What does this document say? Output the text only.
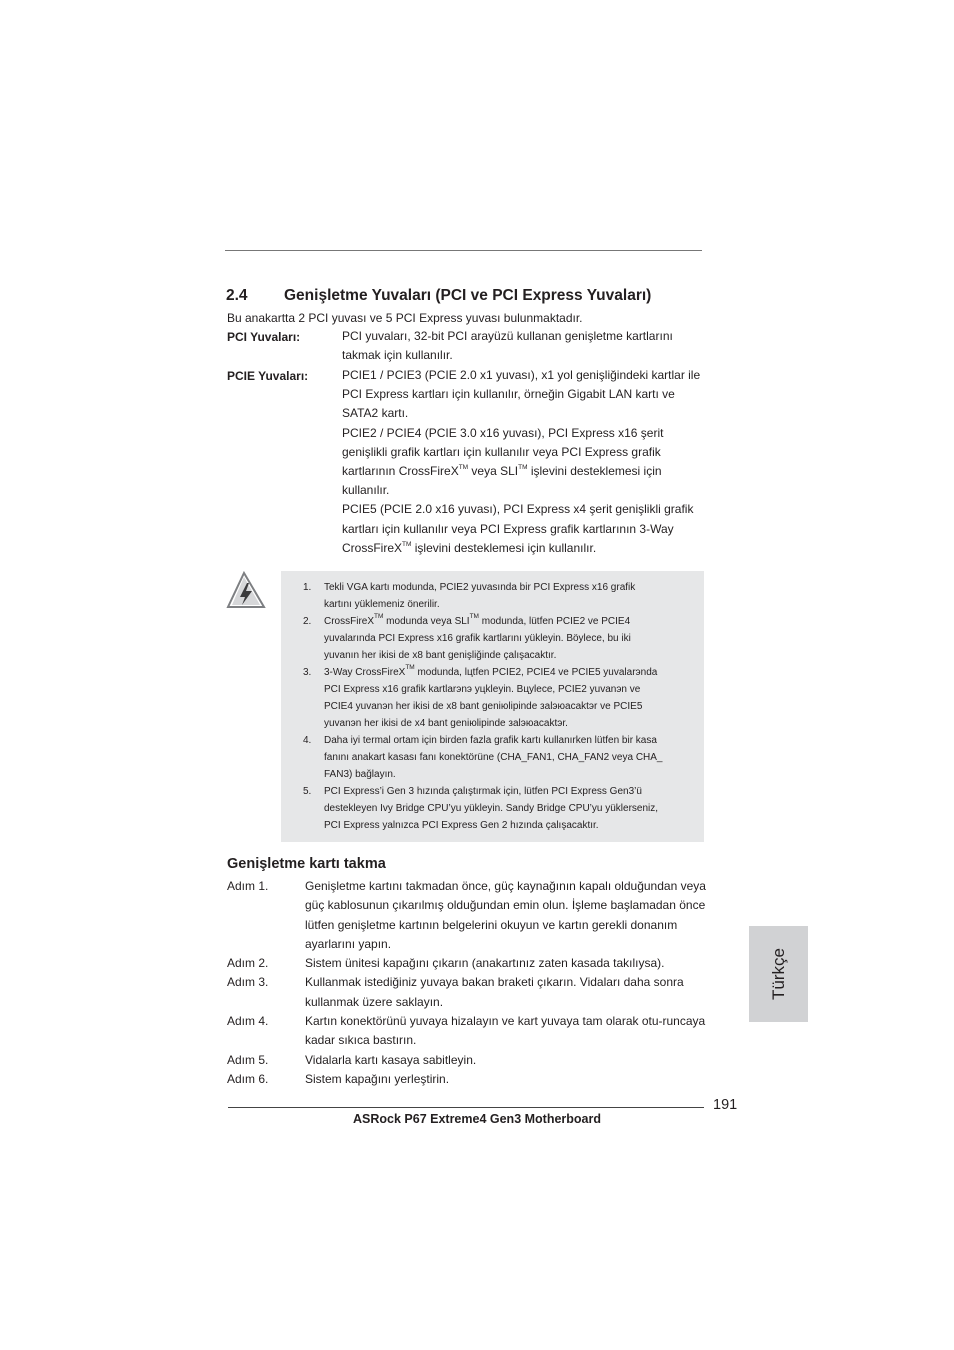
2.4 Genişletme Yuvaları (PCI ve PCI Express Yuvaları)
Bu anakartta 2 PCI yuvası ve 5 PCI Express yuvası bulunmaktadır.
PCI Yuvaları:	PCI yuvaları, 32-bit PCI arayüzü kullanan genişletme kartlarını takmak için kullanılır.

PCIE Yuvaları:	PCIE1 / PCIE3 (PCIE 2.0 x1 yuvası), x1 yol genişliğindeki kartlar ile PCI Express kartları için kullanılır, örneğin Gigabit LAN kartı ve SATA2 kartı.

PCIE2 / PCIE4 (PCIE 3.0 x16 yuvası), PCI Express x16 şerit genişlikli grafik kartları için kullanılır veya PCI Express grafik kartlarının CrossFireX™ veya SLI™ işlevini desteklemesi için kullanılır.

PCIE5 (PCIE 2.0 x16 yuvası), PCI Express x4 şerit genişlikli grafik kartları için kullanılır veya PCI Express grafik kartlarının 3-Way CrossFireX™ işlevini desteklemesi için kullanılır.

1.	Tekli VGA kartı modunda, PCIE2 yuvasında bir PCI Express x16 grafik
kartını yüklemeniz önerilir.
2.	CrossFireX™ modunda veya SLI™ modunda, lütfen PCIE2 ve PCIE4
yuvalarında PCI Express x16 grafik kartlarını yükleyin. Böylece, bu iki
yuvanın her ikisi de x8 bant genişliğinde çalışacaktır.
3.	3-Way CrossFireX™ modunda, lцtfen PCIE2, PCIE4 ve PCIE5 yuvalarэnda
PCI Express x16 grafik kartlarэnэ yцkleyin. Bцylece, PCIE2 yuvanэn ve
PCIE4 yuvanэn her ikisi de x8 bant geniюliрinde зalэюacaktэr ve PCIE5
yuvanэn her ikisi de x4 bant geniюliрinde зalэюacaktэr.
4.	Daha iyi termal ortam için birden fazla grafik kartı kullanırken lütfen bir kasa
fanını anakart kasası fanı konektörüne (CHA_FAN1, CHA_FAN2 veya CHA_
FAN3) bağlayın.
5.	PCI Express’i Gen 3 hızında çalıştırmak için, lütfen PCI Express Gen3’ü
destekleyen Ivy Bridge CPU’yu yükleyin. Sandy Bridge CPU’yu yüklerseniz,
PCI Express yalnızca PCI Express Gen 2 hızında çalışacaktır.
Genişletme kartı takma
Adım 1.	Genişletme kartını takmadan önce, güç kaynağının kapalı olduğundan veya güç kablosunun çıkarılmış olduğundan emin olun. İşleme başlamadan önce lütfen genişletme kartının belgelerini okuyun ve kartın gerekli donanım ayarlarını yapın.
Adım 2.	Sistem ünitesi kapağını çıkarın (anakartınız zaten kasada takılıysa).
Adım 3.	Kullanmak istediğiniz yuvaya bakan braketi çıkarın. Vidaları daha sonra kullanmak üzere saklayın.
Adım 4.	Kartın konektörünü yuvaya hizalayın ve kart yuvaya tam olarak otu-runcaya kadar sıkıca bastırın.
Adım 5.	Vidalarla kartı kasaya sabitleyin.
Adım 6.	Sistem kapağını yerleştirin.
Türkçe
191
ASRock P67 Extreme4 Gen3 Motherboard
